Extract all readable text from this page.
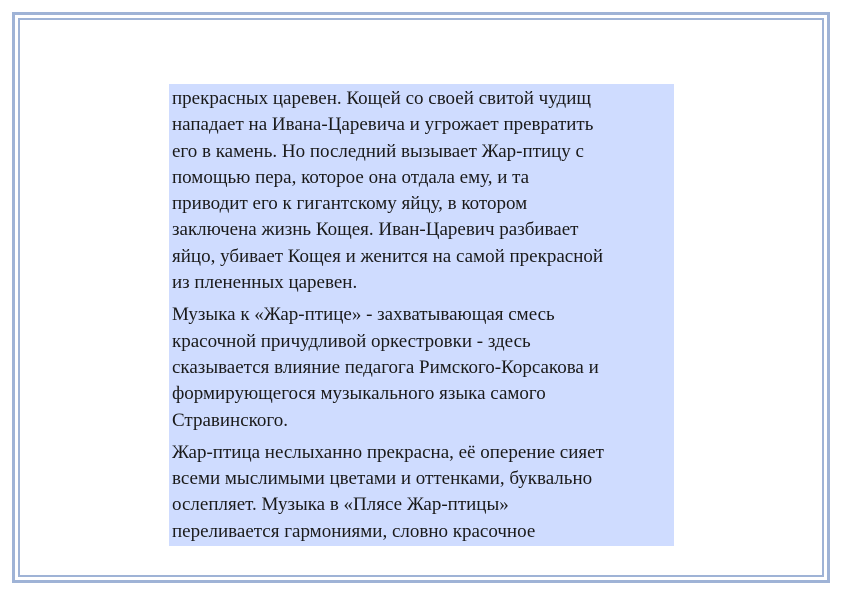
прекрасных царевен. Кощей со своей свитой чудищ
нападает на Ивана-Царевича и угрожает превратить
его в камень. Но последний вызывает Жар-птицу с
помощью пера, которое она отдала ему, и та
приводит его к гигантскому яйцу, в котором
заключена жизнь Кощея. Иван-Царевич разбивает
яйцо, убивает Кощея и женится на самой прекрасной
из плененных царевен.

Музыка к «Жар-птице» - захватывающая смесь
красочной причудливой оркестровки - здесь
сказывается влияние педагога Римского-Корсакова и
формирующегося музыкального языка самого
Стравинского.

Жар-птица неслыханно прекрасна, её оперение сияет
всеми мыслимыми цветами и оттенками, буквально
ослепляет. Музыка в «Плясе Жар-птицы»
переливается гармониями, словно красочное
